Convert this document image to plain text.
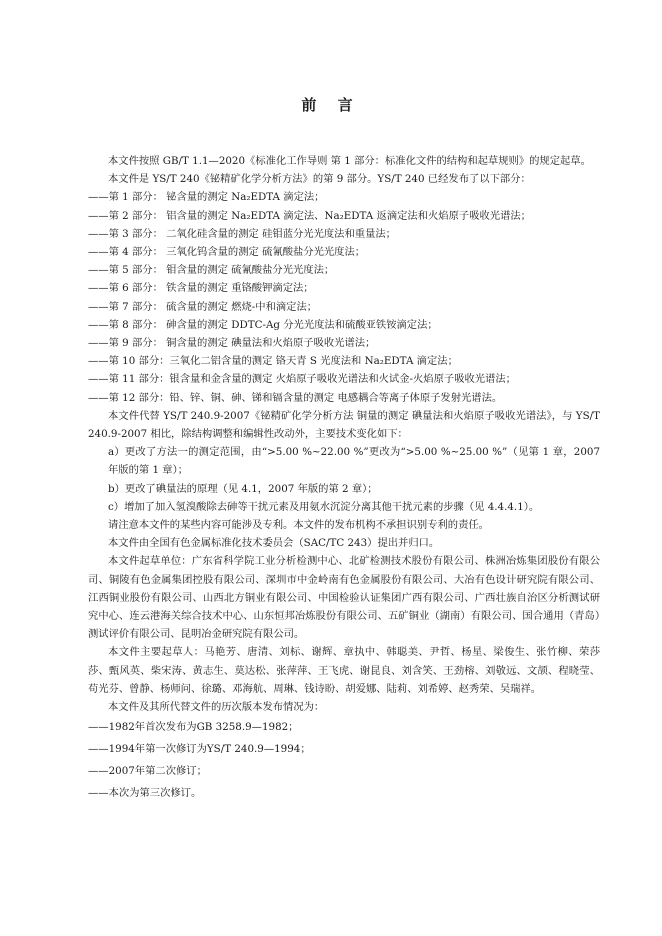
前 言

本文件按照 GB/T 1.1—2020《标准化工作导则 第 1 部分：标准化文件的结构和起草规则》的规定起草。

本文件是 YS/T 240《铋精矿化学分析方法》的第 9 部分。YS/T 240 已经发布了以下部分：

——第 1 部分： 铋含量的测定 Na₂EDTA 滴定法；

——第 2 部分： 铝含量的测定 Na₂EDTA 滴定法、Na₂EDTA 返滴定法和火焰原子吸收光谱法；

——第 3 部分： 二氧化硅含量的测定 硅钼蓝分光光度法和重量法；

——第 4 部分： 三氧化钨含量的测定 硫氰酸盐分光光度法；

——第 5 部分： 钼含量的测定 硫氰酸盐分光光度法；

——第 6 部分： 铁含量的测定 重铬酸钾滴定法；

——第 7 部分： 硫含量的测定 燃烧-中和滴定法；

——第 8 部分： 砷含量的测定 DDTC-Ag 分光光度法和硫酸亚铁铵滴定法；

——第 9 部分： 铜含量的测定 碘量法和火焰原子吸收光谱法；

——第 10 部分：三氧化二铝含量的测定 铬天青 S 光度法和 Na₂EDTA 滴定法；

——第 11 部分：银含量和金含量的测定 火焰原子吸收光谱法和火试金-火焰原子吸收光谱法；

——第 12 部分：铅、锌、铜、砷、锑和镉含量的测定 电感耦合等离子体原子发射光谱法。

本文件代替 YS/T 240.9-2007《铋精矿化学分析方法 铜量的测定 碘量法和火焰原子吸收光谱法》，与 YS/T 240.9-2007 相比，除结构调整和编辑性改动外，主要技术变化如下：

a）更改了方法一的测定范围，由“>5.00 %~22.00 %”更改为“>5.00 %~25.00 %”（见第 1 章，2007 年版的第 1 章）；

b）更改了碘量法的原理（见 4.1，2007 年版的第 2 章）；

c）增加了加入氢溴酸除去砷等干扰元素及用氨水沉淀分离其他干扰元素的步骤（见 4.4.4.1）。

请注意本文件的某些内容可能涉及专利。本文件的发布机构不承担识别专利的责任。

本文件由全国有色金属标准化技术委员会（SAC/TC 243）提出并归口。

本文件起草单位：广东省科学院工业分析检测中心、北矿检测技术股份有限公司、株洲冶炼集团股份有限公司、铜陵有色金属集团控股有限公司、深圳市中金岭南有色金属股份有限公司、大冶有色设计研究院有限公司、江西铜业股份有限公司、山西北方铜业有限公司、中国检验认证集团广西有限公司、广西壮族自治区分析测试研究中心、连云港海关综合技术中心、山东恒邦冶炼股份有限公司、五矿铜业（湖南）有限公司、国合通用（青岛）测试评价有限公司、昆明冶金研究院有限公司。

本文件主要起草人：马艳芳、唐清、刘标、谢辉、章执中、韩聪美、尹哲、杨星、梁俊生、张竹柳、荣莎莎、甄风英、柴宋涛、黄志生、莫达松、张萍萍、王飞虎、谢昆良、刘含笑、王劲榕、刘敬远、文颉、程晓莹、苟光芬、曾静、杨师问、徐璐、邓海航、周琳、钱诗盼、胡爱娜、陆莉、刘希婷、赵秀荣、吴瑞祥。

本文件及其所代替文件的历次版本发布情况为：

——1982年首次发布为GB 3258.9—1982；

——1994年第一次修订为YS/T 240.9—1994；

——2007年第二次修订；

——本次为第三次修订。
